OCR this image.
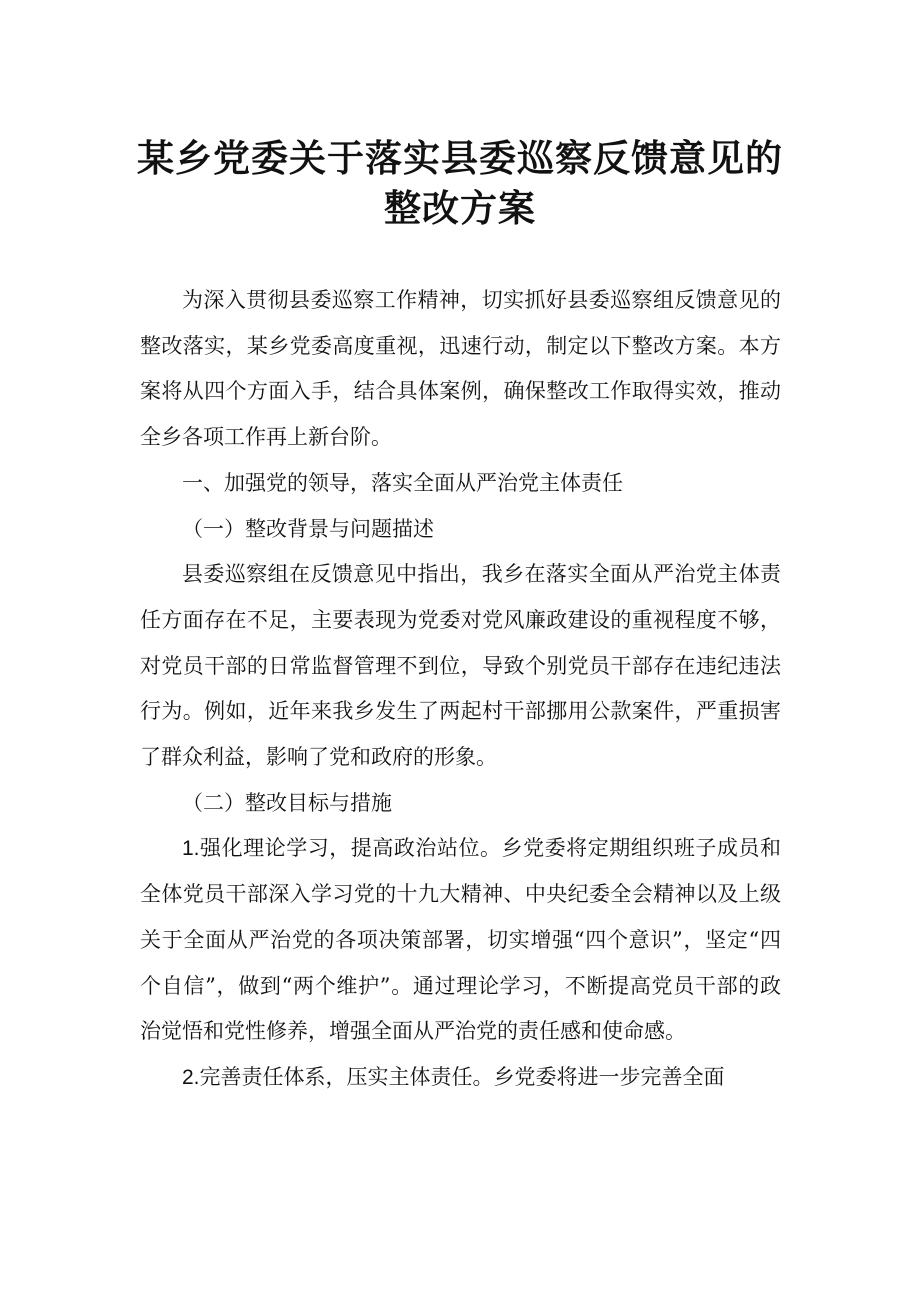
某乡党委关于落实县委巡察反馈意见的
整改方案

为深入贯彻县委巡察工作精神，切实抓好县委巡察组反馈意见的整改落实，某乡党委高度重视，迅速行动，制定以下整改方案。本方案将从四个方面入手，结合具体案例，确保整改工作取得实效，推动全乡各项工作再上新台阶。

一、加强党的领导，落实全面从严治党主体责任

（一）整改背景与问题描述

县委巡察组在反馈意见中指出，我乡在落实全面从严治党主体责任方面存在不足，主要表现为党委对党风廉政建设的重视程度不够，对党员干部的日常监督管理不到位，导致个别党员干部存在违纪违法行为。例如，近年来我乡发生了两起村干部挪用公款案件，严重损害了群众利益，影响了党和政府的形象。

（二）整改目标与措施

1.强化理论学习，提高政治站位。乡党委将定期组织班子成员和全体党员干部深入学习党的十九大精神、中央纪委全会精神以及上级关于全面从严治党的各项决策部署，切实增强“四个意识”，坚定“四个自信”，做到“两个维护”。通过理论学习，不断提高党员干部的政治觉悟和党性修养，增强全面从严治党的责任感和使命感。

2.完善责任体系，压实主体责任。乡党委将进一步完善全面
